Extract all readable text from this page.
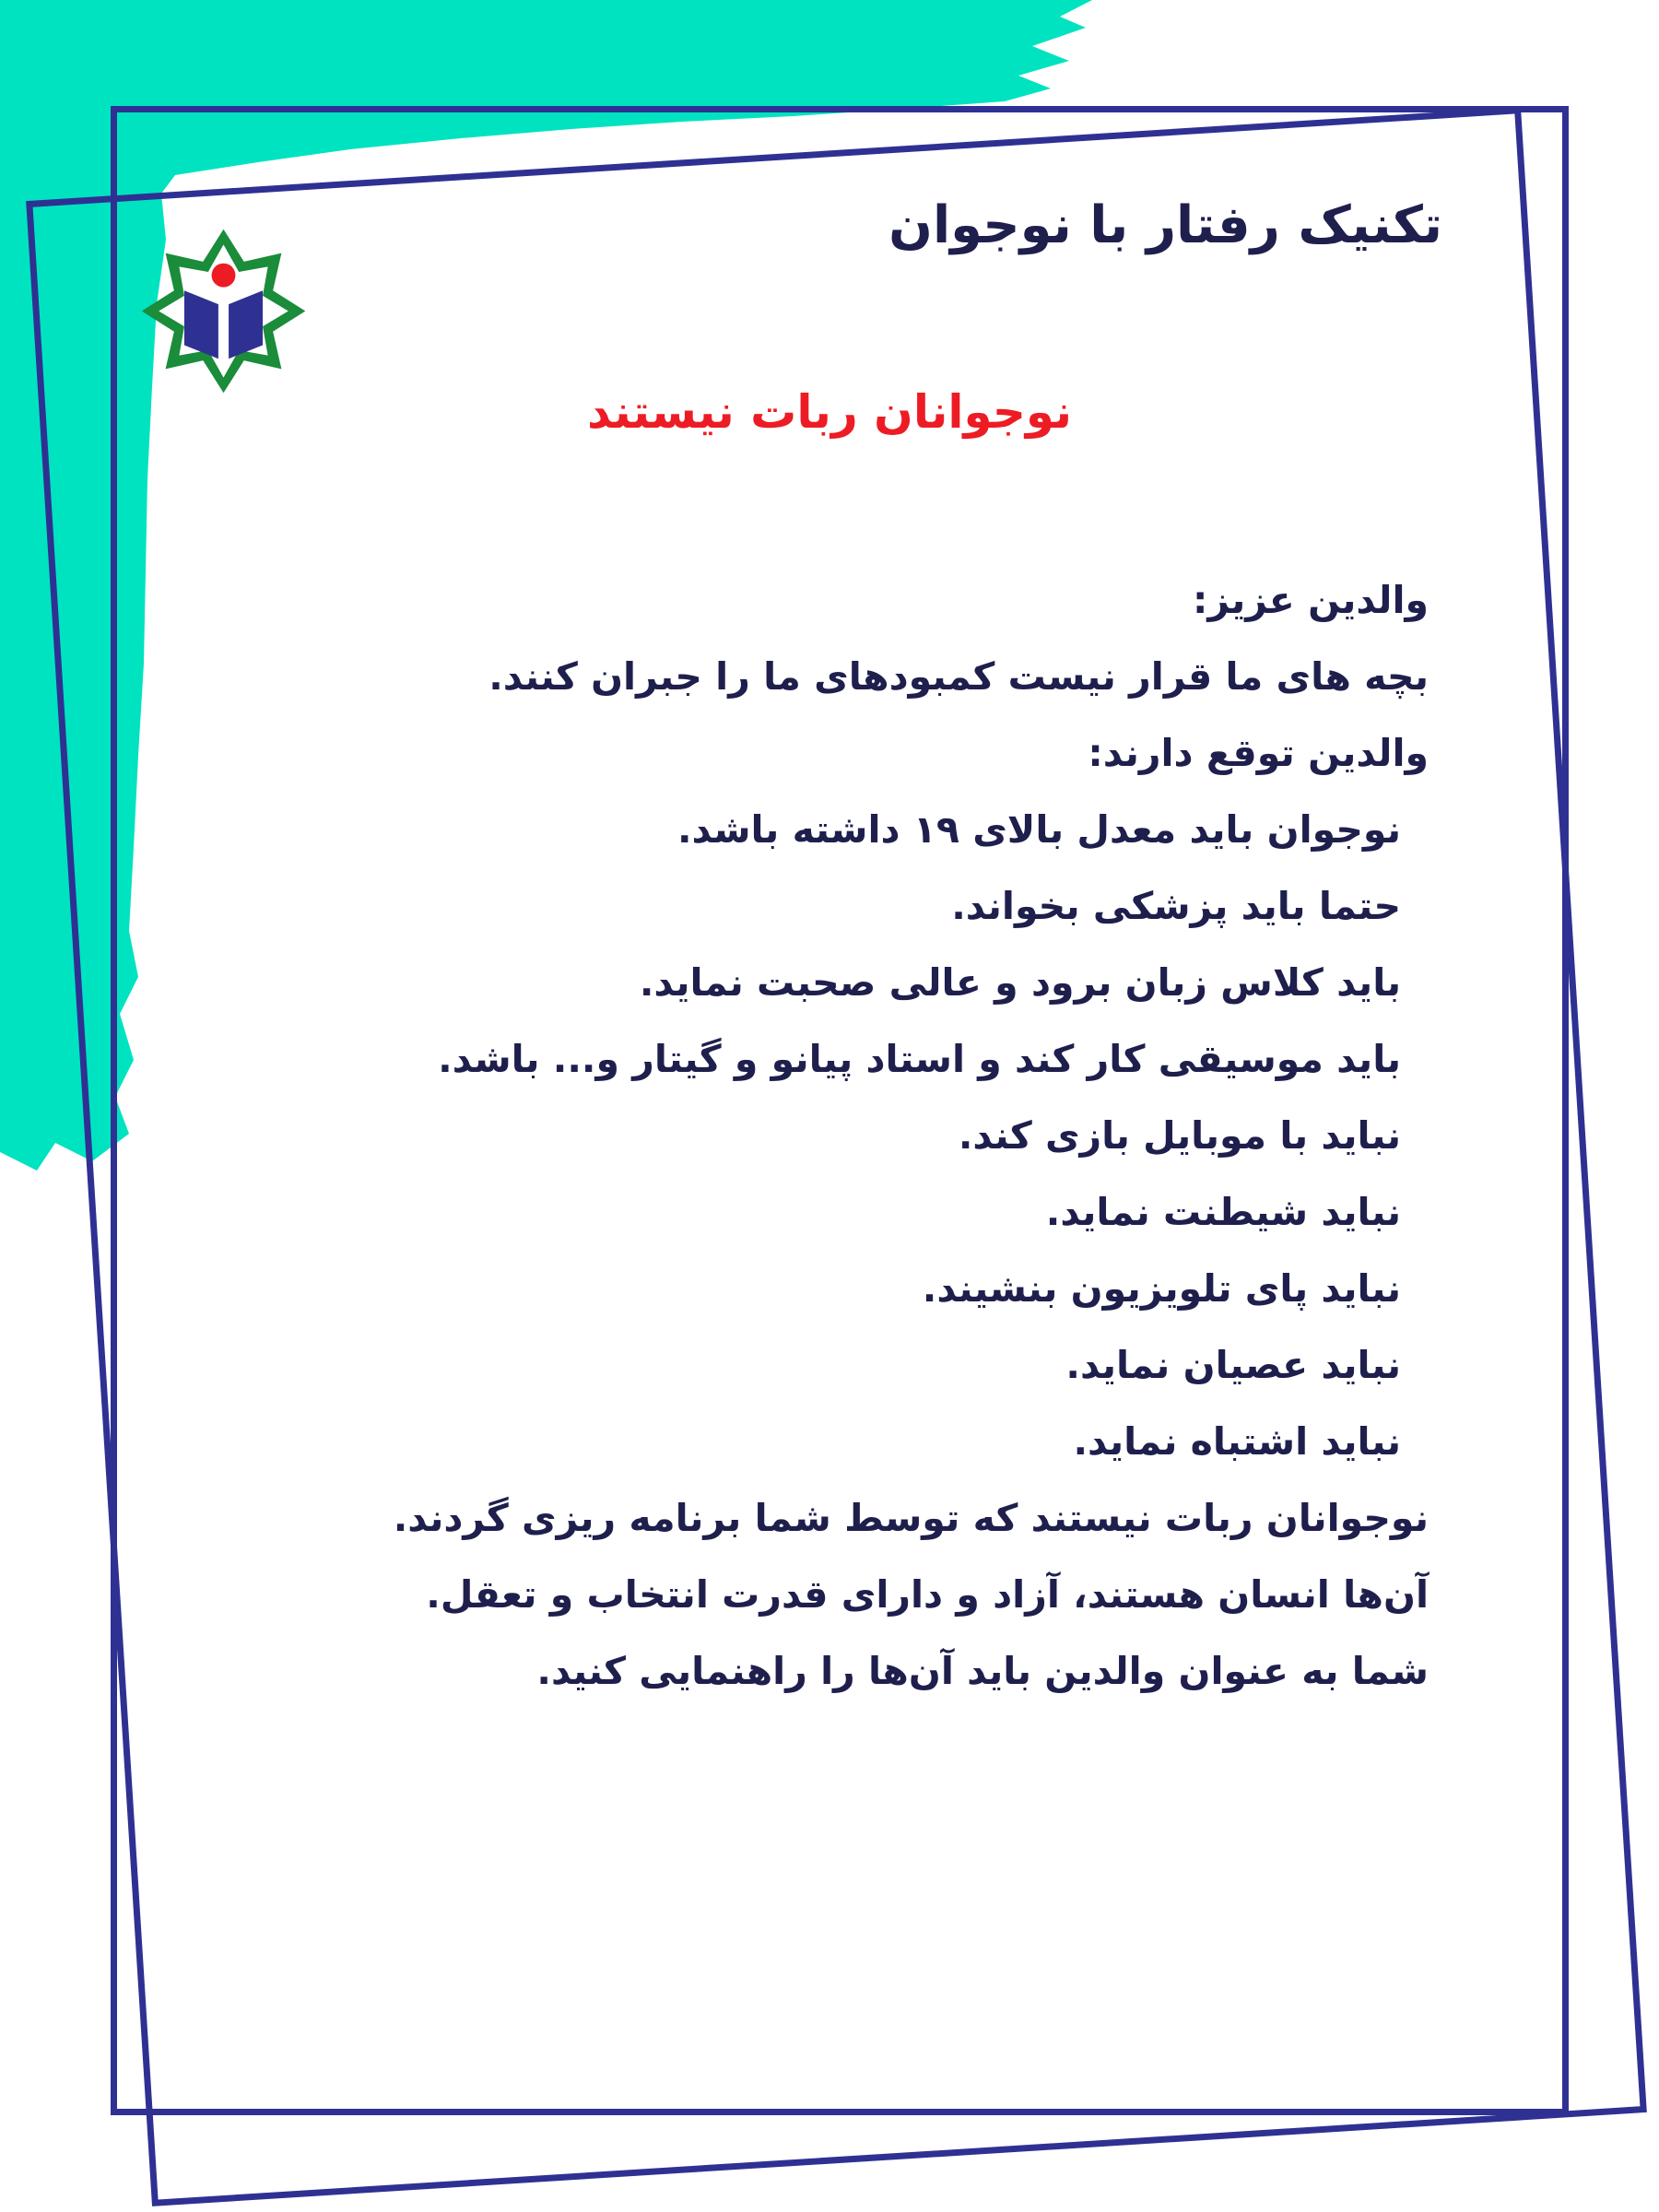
تکنیک رفتار با نوجوان
نوجوانان ربات نیستند
والدین عزیز:
بچه های ما قرار نیست کمبودهای ما را جبران کنند.
والدین توقع دارند:
نوجوان باید معدل بالای ۱۹ داشته باشد.
حتما باید پزشکی بخواند.
باید کلاس زبان برود و عالی صحبت نماید.
باید موسیقی کار کند و استاد پیانو و گیتار و... باشد.
نباید با موبایل بازی کند.
نباید شیطنت نماید.
نباید پای تلویزیون بنشیند.
نباید عصیان نماید.
نباید اشتباه نماید.
نوجوانان ربات نیستند که توسط شما برنامه ریزی گردند.
آن‌ها انسان هستند، آزاد و دارای قدرت انتخاب و تعقل.
شما به عنوان والدین باید آن‌ها را راهنمایی کنید.
